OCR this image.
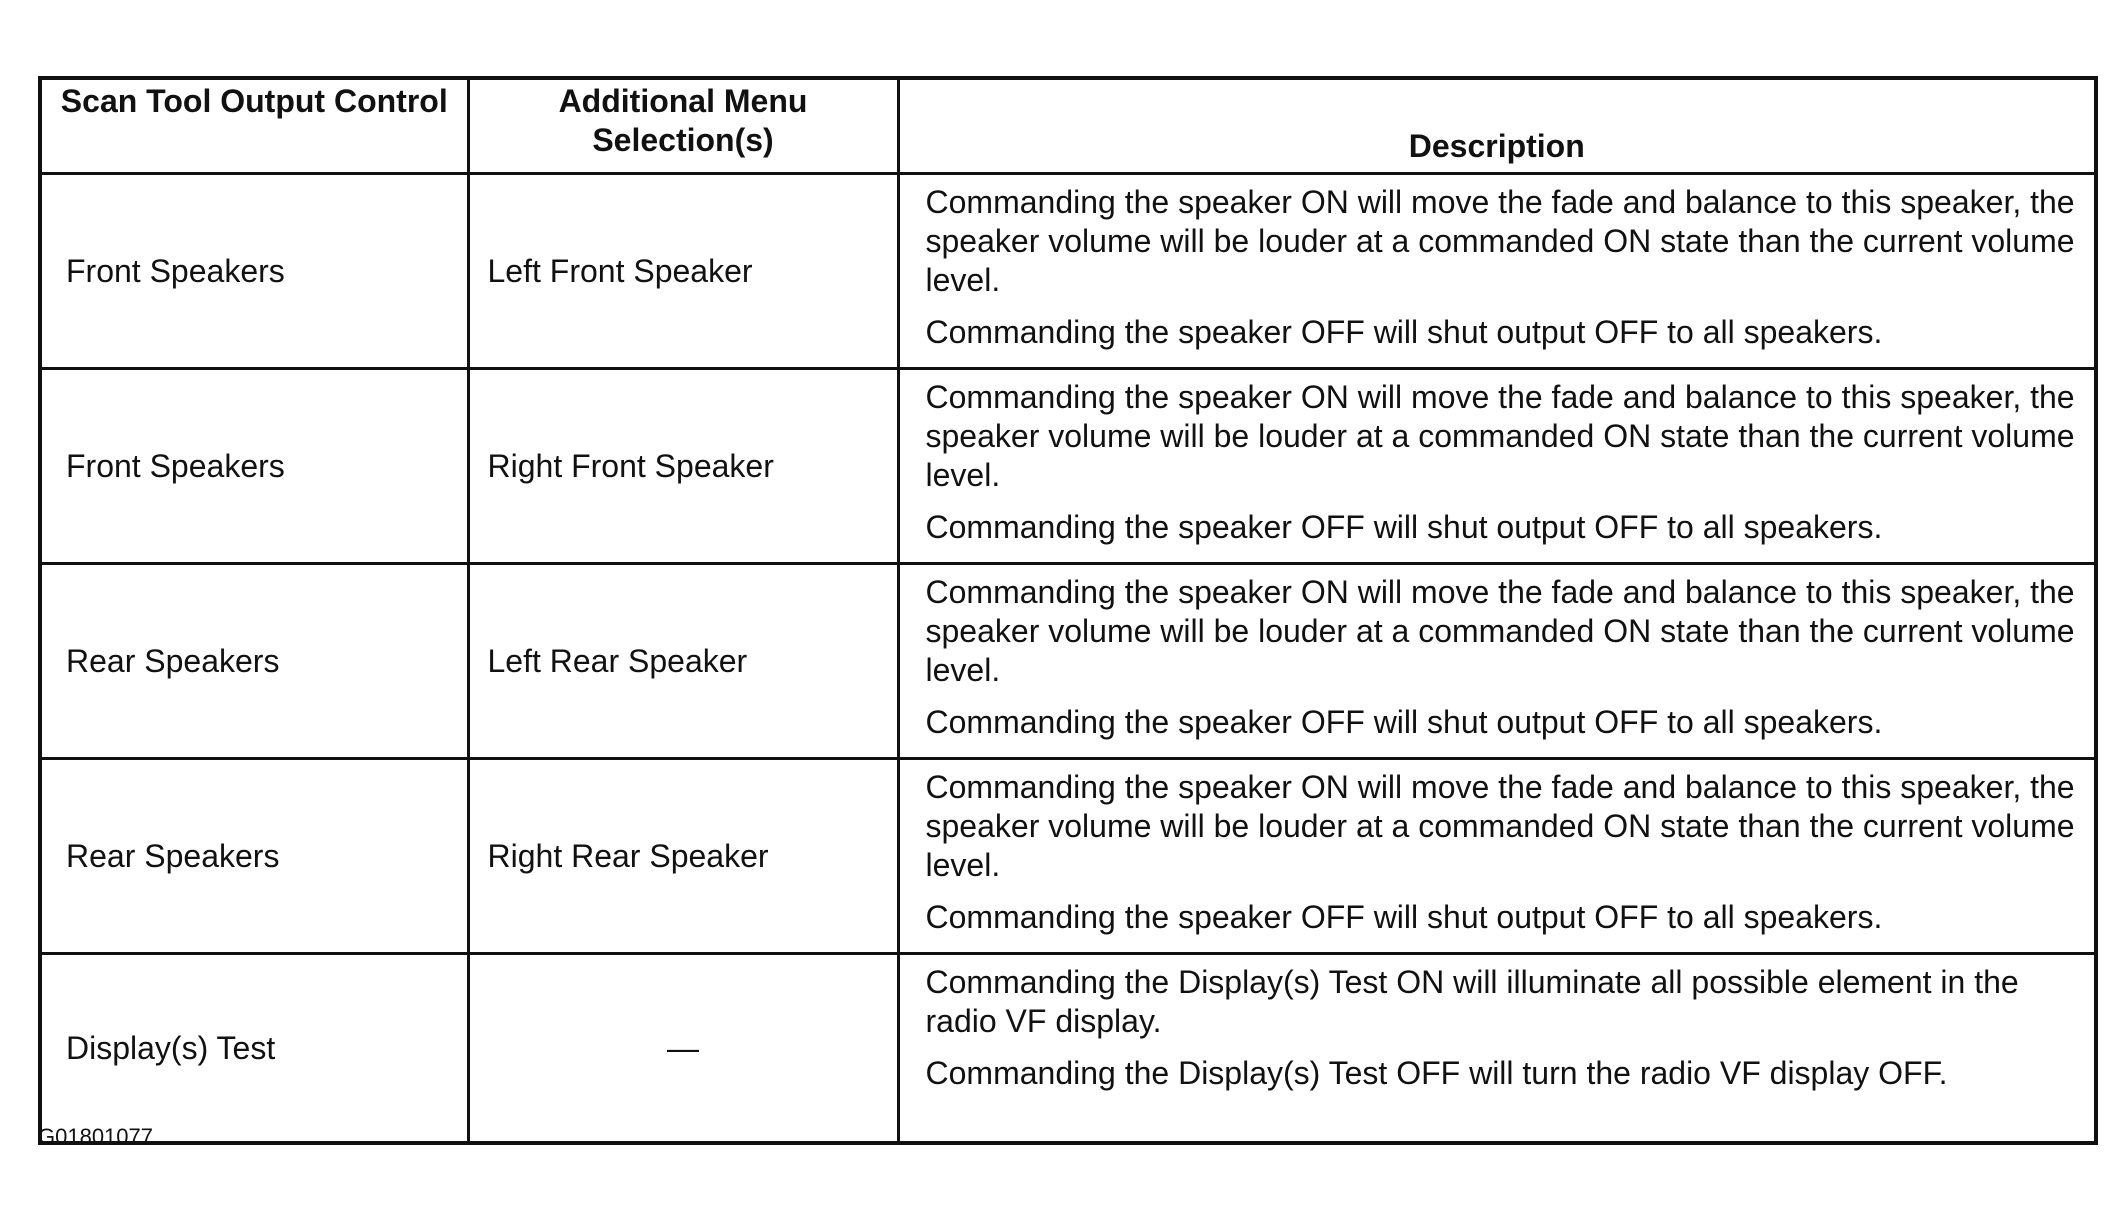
Scan Tool Output Control	Additional Menu Selection(s)	Description
Front Speakers	Left Front Speaker	Commanding the speaker ON will move the fade and balance to this speaker, the speaker volume will be louder at a commanded ON state than the current volume level.

Commanding the speaker OFF will shut output OFF to all speakers.

Front Speakers	Right Front Speaker	Commanding the speaker ON will move the fade and balance to this speaker, the speaker volume will be louder at a commanded ON state than the current volume level.

Commanding the speaker OFF will shut output OFF to all speakers.

Rear Speakers	Left Rear Speaker	Commanding the speaker ON will move the fade and balance to this speaker, the speaker volume will be louder at a commanded ON state than the current volume level.

Commanding the speaker OFF will shut output OFF to all speakers.

Rear Speakers	Right Rear Speaker	Commanding the speaker ON will move the fade and balance to this speaker, the speaker volume will be louder at a commanded ON state than the current volume level.

Commanding the speaker OFF will shut output OFF to all speakers.

Display(s) Test	—	Commanding the Display(s) Test ON will illuminate all possible element in the radio VF display.

Commanding the Display(s) Test OFF will turn the radio VF display OFF.

G01801077
